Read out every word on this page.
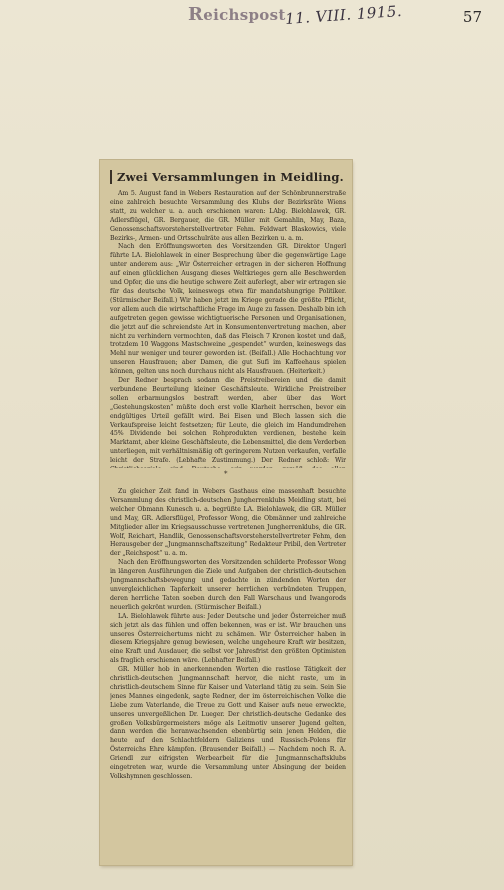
Reichspost
11. VIII. 1915.	57
Zwei Versammlungen in Meidling.

Am 5. August fand in Webers Restauration auf der Schönbrunnerstraße eine zahlreich besuchte Versammlung des Klubs der Bezirksräte Wiens statt, zu welcher u. a. auch erschienen waren: LAbg. Bielohlawek, GR. Adlersflügel, GR. Bergauer, die GR. Müller mit Gemahlin, May, Baza, Genossenschaftsvorsteherstellvertreter Fehm. Feldwart Blaskowics, viele Bezirks-, Armen- und Ortsschulräte aus allen Bezirken u. a. m.

Nach den Eröffnungsworten des Vorsitzenden GR. Direktor Ungerl führte LA. Bielohlawek in einer Besprechung über die gegenwärtige Lage unter anderem aus: „Wir Österreicher ertragen in der sicheren Hoffnung auf einen glücklichen Ausgang dieses Weltkrieges gern alle Beschwerden und Opfer, die uns die heutige schwere Zeit auferlegt, aber wir ertragen sie für das deutsche Volk, keineswegs etwa für mandatshungrige Politiker. (Stürmischer Beifall.) Wir haben jetzt im Kriege gerade die größte Pflicht, vor allem auch die wirtschaftliche Frage im Auge zu fassen. Deshalb bin ich aufgetreten gegen gewisse wichtigtuerische Personen und Organisationen, die jetzt auf die schreiendste Art in Konsumentenvertretung machen, aber nicht zu verhindern vermochten, daß das Fleisch 7 Kronen kostet und daß, trotzdem 10 Waggons Mastschweine „gespendet“ wurden, keineswegs das Mehl nur weniger und teurer geworden ist. (Beifall.) Alle Hochachtung vor unseren Hausfrauen; aber Damen, die gut Sufi im Kaffeehaus spielen können, gelten uns noch durchaus nicht als Hausfrauen. (Heiterkeit.)

Der Redner besprach sodann die Preistreibereien und die damit verbundene Beurteilung kleiner Geschäftsleute. Wirkliche Preistreiber sollen erbarmungslos bestraft werden, aber über das Wort „Gestehungskosten“ müßte doch erst volle Klarheit herrschen, bevor ein endgültiges Urteil gefällt wird. Bei Eisen und Blech lassen sich die Verkaufspreise leicht festsetzen; für Leute, die gleich im Handumdrehen 45% Dividende bei solchen Rohprodukten verdienen, bestehe kein Marktamt, aber kleine Geschäftsleute, die Lebensmittel, die dem Verderben unterliegen, mit verhältnismäßig oft geringerem Nutzen verkaufen, verfalle leicht der Strafe. (Lebhafte Zustimmung.) Der Redner schloß: Wir

*

Zu gleicher Zeit fand in Webers Gasthaus eine massenhaft besuchte Versammlung des christlich-deutschen Jungherrenklubs Meidling statt, bei welcher Obmann Kunesch u. a. begrüßte LA. Bielohlawek, die GR. Müller und May, GR. Adlersflügel, Professor Wong, die Obmänner und zahlreiche Mitglieder aller im Kriegsausschusse vertretenen Jungherrenklubs, die GR. Wolf, Reichart, Handlik, Genossenschaftsvorsteherstellvertreter Fehm, den Herausgeber der „Jungmannschaftszeitung“ Redakteur Pribil, den Vertreter der „Reichspost“ u. a. m.

Nach den Eröffnungsworten des Vorsitzenden schilderte Professor Wong in längeren Ausführungen die Ziele und Aufgaben der christlich-deutschen Jungmannschaftsbewegung und gedachte in zündenden Worten der unvergleichlichen Tapferkeit unserer herrlichen verbündeten Truppen, deren herrliche Taten soeben durch den Fall Warschaus und Iwangorods neuerlich gekrönt wurden. (Stürmischer Beifall.)

LA. Bielohlawek führte aus: Jeder Deutsche und jeder Österreicher muß sich jetzt als das fühlen und offen bekennen, was er ist. Wir brauchen uns unseres Österreichertums nicht zu schämen. Wir Österreicher haben in diesem Kriegsjahre genug bewiesen, welche ungeheure Kraft wir besitzen, eine Kraft und Ausdauer, die selbst vor Jahresfrist den größten Optimisten als fraglich erschienen wäre. (Lebhafter Beifall.)

GR. Müller hob in anerkennenden Worten die rastlose Tätigkeit der christlich-deutschen Jungmannschaft hervor, die nicht raste, um in christlich-deutschem Sinne für Kaiser und Vaterland tätig zu sein. Sein Sie jenes Mannes eingedenk, sagte Redner, der im österreichischen Volke die Liebe zum Vaterlande, die Treue zu Gott und Kaiser aufs neue erweckte, unseres unvergeßlichen Dr. Lueger. Der christlich-deutsche Gedanke des großen Volksbürgermeisters möge als Leitmotiv unserer Jugend gelten, dann werden die heranwachsenden ebenbürtig sein jenen Helden, die heute auf den Schlachtfeldern Galiziens und Russisch-Polens für Österreichs Ehre kämpfen. (Brausender Beifall.) — Nachdem noch R. A. Griendl zur eifrigsten Werbearbeit für die Jungmannschaftsklubs eingetreten war, wurde die Versammlung unter Absingung der beiden Volkshymnen geschlossen.
